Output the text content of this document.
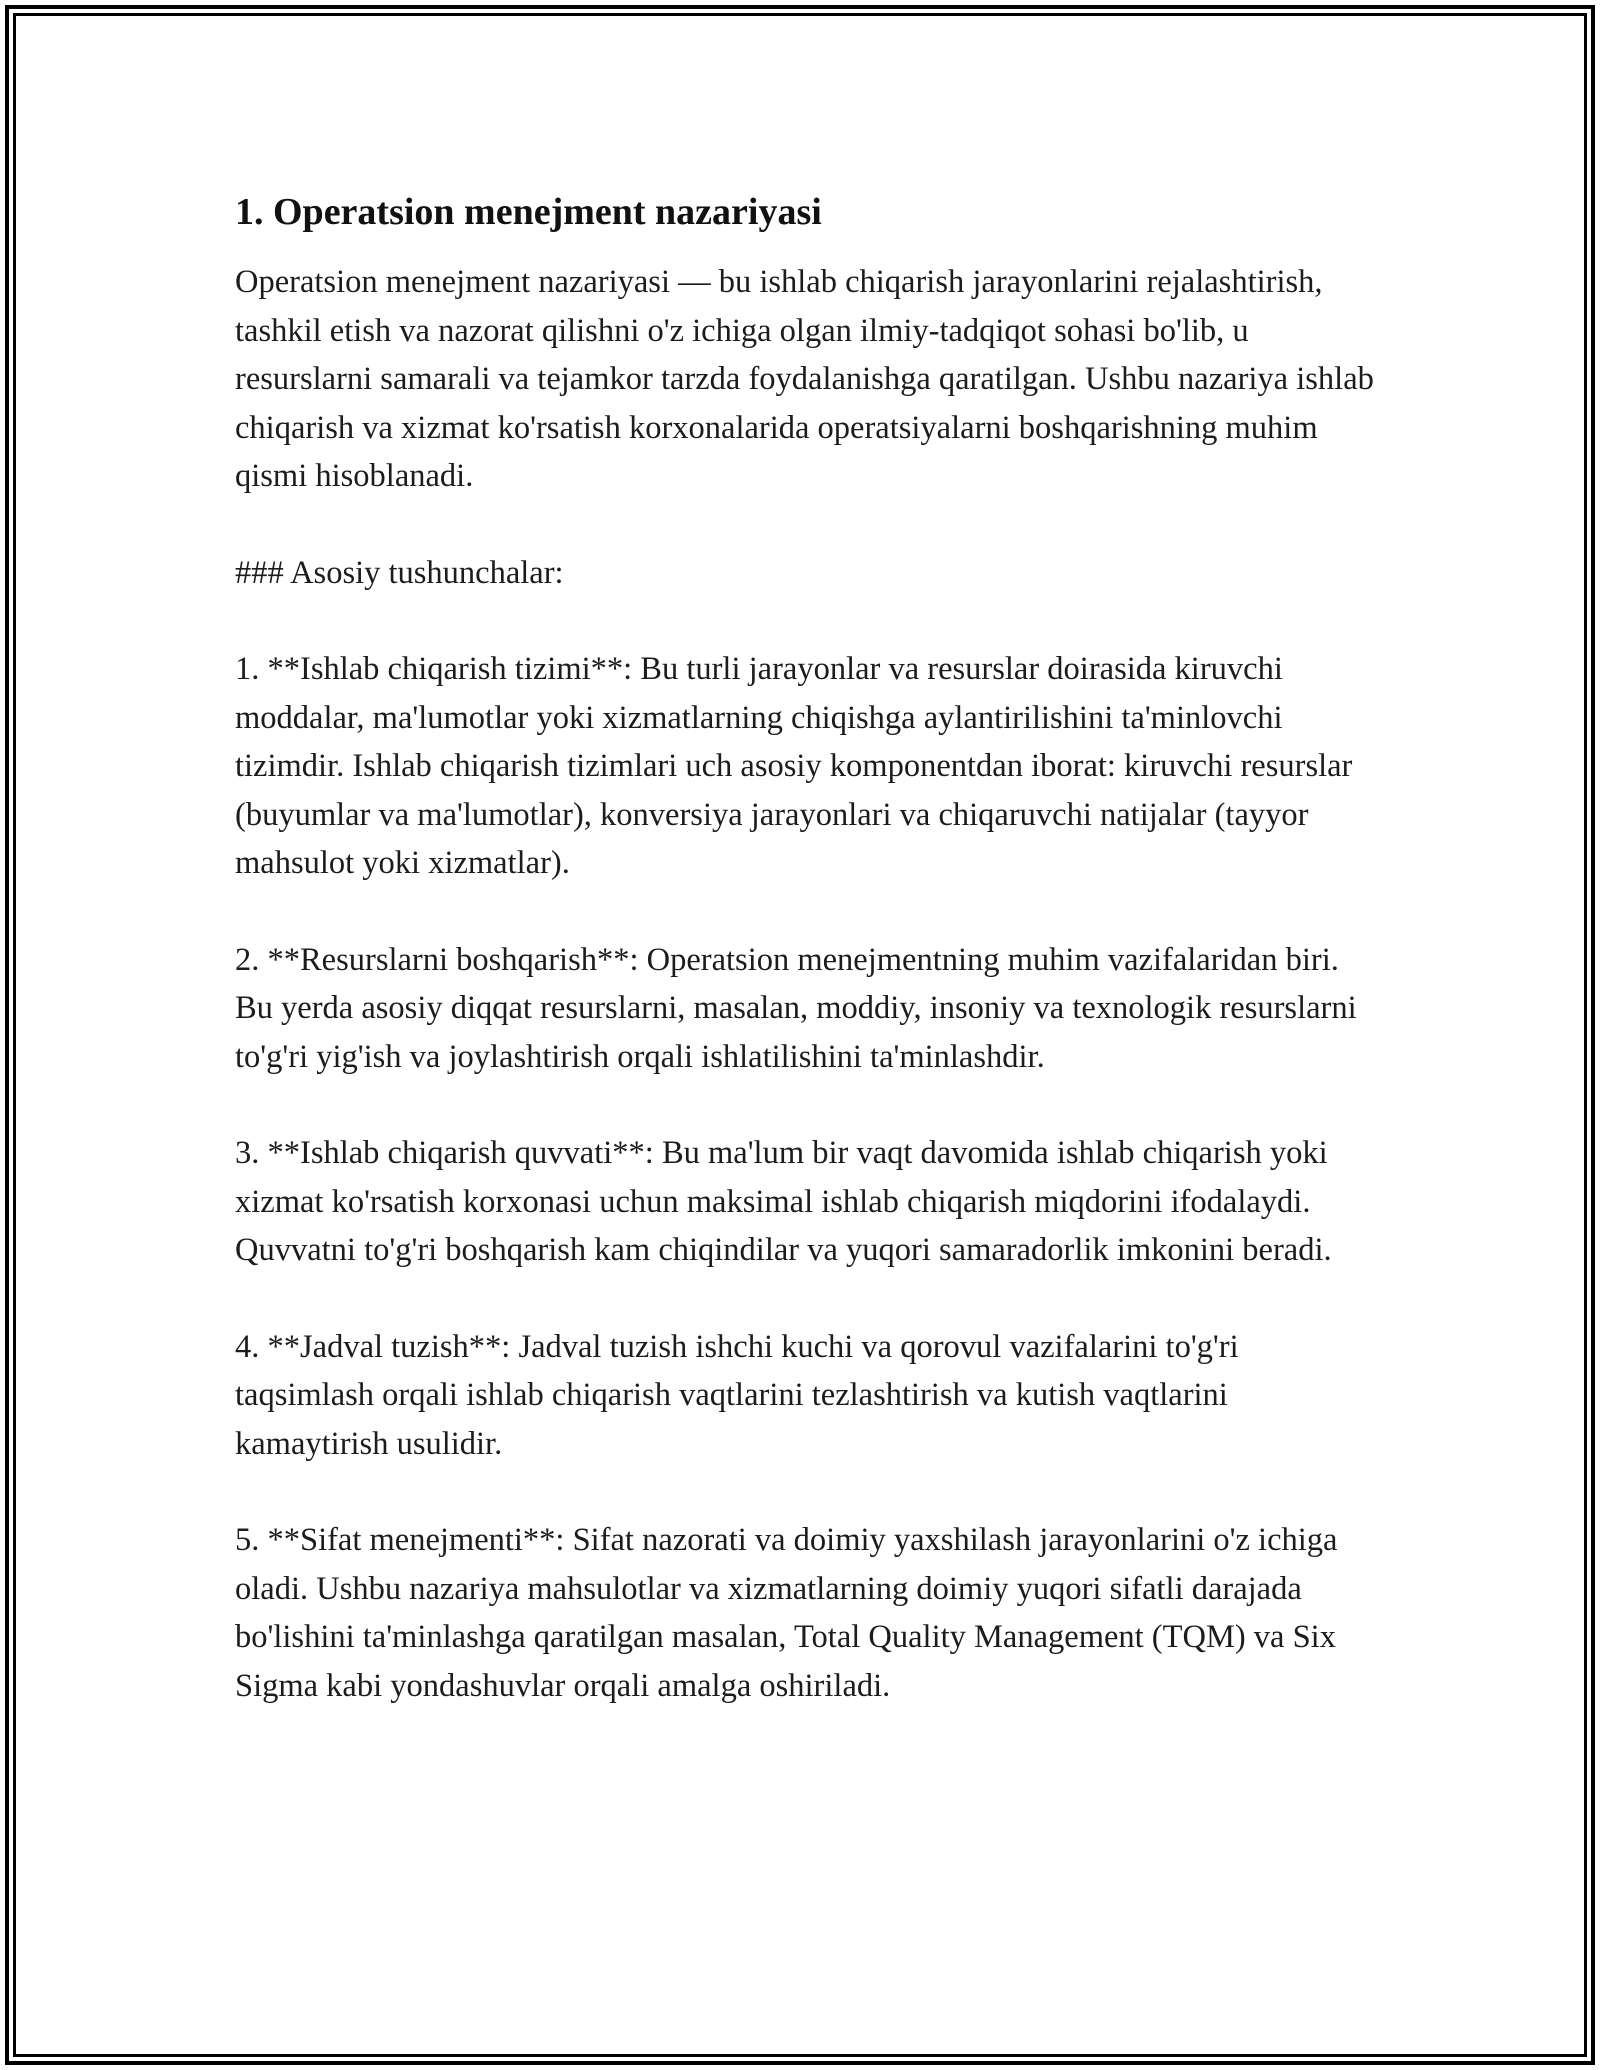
1. Operatsion menejment nazariyasi

Operatsion menejment nazariyasi — bu ishlab chiqarish jarayonlarini rejalashtirish, tashkil etish va nazorat qilishni o'z ichiga olgan ilmiy-tadqiqot sohasi bo'lib, u resurslarni samarali va tejamkor tarzda foydalanishga qaratilgan. Ushbu nazariya ishlab chiqarish va xizmat ko'rsatish korxonalarida operatsiyalarni boshqarishning muhim qismi hisoblanadi.

### Asosiy tushunchalar:

1. **Ishlab chiqarish tizimi**: Bu turli jarayonlar va resurslar doirasida kiruvchi moddalar, ma'lumotlar yoki xizmatlarning chiqishga aylantirilishini ta'minlovchi tizimdir. Ishlab chiqarish tizimlari uch asosiy komponentdan iborat: kiruvchi resurslar (buyumlar va ma'lumotlar), konversiya jarayonlari va chiqaruvchi natijalar (tayyor mahsulot yoki xizmatlar).

2. **Resurslarni boshqarish**: Operatsion menejmentning muhim vazifalaridan biri. Bu yerda asosiy diqqat resurslarni, masalan, moddiy, insoniy va texnologik resurslarni to'g'ri yig'ish va joylashtirish orqali ishlatilishini ta'minlashdir.

3. **Ishlab chiqarish quvvati**: Bu ma'lum bir vaqt davomida ishlab chiqarish yoki xizmat ko'rsatish korxonasi uchun maksimal ishlab chiqarish miqdorini ifodalaydi. Quvvatni to'g'ri boshqarish kam chiqindilar va yuqori samaradorlik imkonini beradi.

4. **Jadval tuzish**: Jadval tuzish ishchi kuchi va qorovul vazifalarini to'g'ri taqsimlash orqali ishlab chiqarish vaqtlarini tezlashtirish va kutish vaqtlarini kamaytirish usulidir.

5. **Sifat menejmenti**: Sifat nazorati va doimiy yaxshilash jarayonlarini o'z ichiga oladi. Ushbu nazariya mahsulotlar va xizmatlarning doimiy yuqori sifatli darajada bo'lishini ta'minlashga qaratilgan masalan, Total Quality Management (TQM) va Six Sigma kabi yondashuvlar orqali amalga oshiriladi.
